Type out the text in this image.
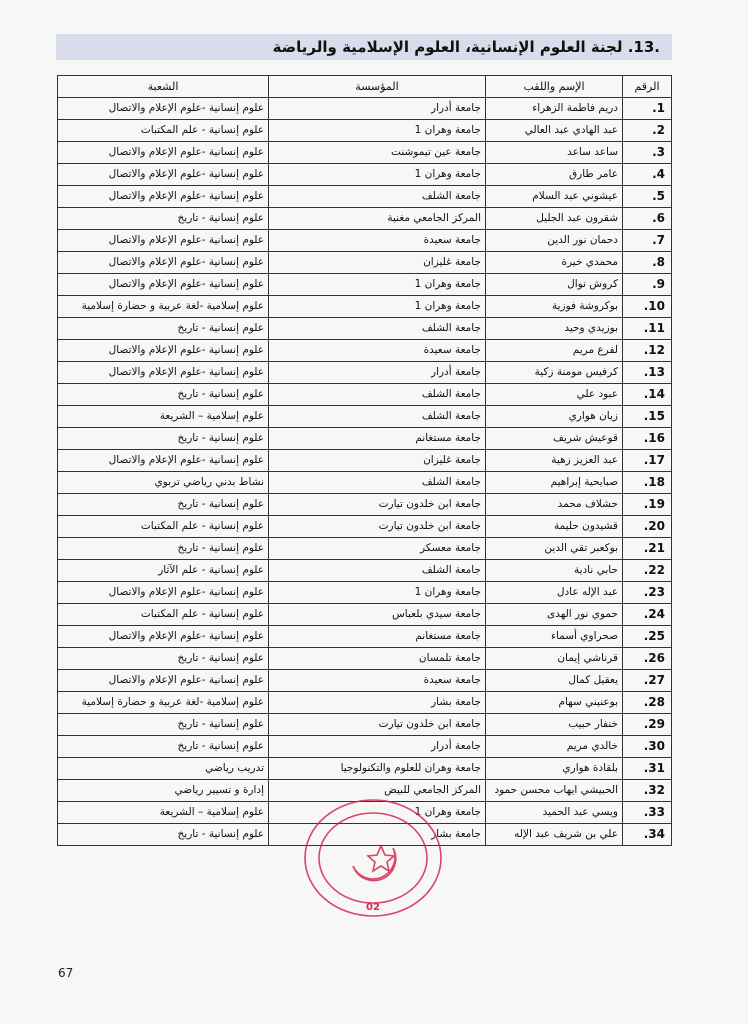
.13. لجنة العلوم الإنسانية، العلوم الإسلامية والرياضة
الرقم	الإسم واللقب	المؤسسة	الشعبة
1.	دريم فاطمة الزهراء	جامعة أدرار	علوم إنسانية -علوم الإعلام والاتصال
2.	عبد الهادي عبد العالي	جامعة وهران 1	علوم إنسانية - علم المكتبات
3.	ساعد ساعد	جامعة عين تيموشنت	علوم إنسانية -علوم الإعلام والاتصال
4.	عامر طارق	جامعة وهران 1	علوم إنسانية -علوم الإعلام والاتصال
5.	عيشوني عبد السلام	جامعة الشلف	علوم إنسانية -علوم الإعلام والاتصال
6.	شقرون عبد الجليل	المركز الجامعي مغنية	علوم إنسانية - تاريخ
7.	دحمان نور الدين	جامعة سعيدة	علوم إنسانية -علوم الإعلام والاتصال
8.	محمدي خيرة	جامعة غليزان	علوم إنسانية -علوم الإعلام والاتصال
9.	كروش نوال	جامعة وهران 1	علوم إنسانية -علوم الإعلام والاتصال
10.	بوكروشة فوزية	جامعة وهران 1	علوم إسلامية -لغة عربية و حضارة إسلامية
11.	بوزيدي وحيد	جامعة الشلف	علوم إنسانية - تاريخ
12.	لفرع مريم	جامعة سعيدة	علوم إنسانية -علوم الإعلام والاتصال
13.	كرفيس مومنة زكية	جامعة أدرار	علوم إنسانية -علوم الإعلام والاتصال
14.	عبود علي	جامعة الشلف	علوم إنسانية - تاريخ
15.	زيان هواري	جامعة الشلف	علوم إسلامية – الشريعة
16.	قوعيش شريف	جامعة مستغانم	علوم إنسانية - تاريخ
17.	عبد العزيز زهية	جامعة غليزان	علوم إنسانية -علوم الإعلام والاتصال
18.	صبايحية إبراهيم	جامعة الشلف	نشاط بدني رياضي تربوي
19.	حشلاف محمد	جامعة ابن خلدون تيارت	علوم إنسانية - تاريخ
20.	قشيدون حليمة	جامعة ابن خلدون تيارت	علوم إنسانية - علم المكتبات
21.	بوكعبر تقي الدين	جامعة معسكر	علوم إنسانية - تاريخ
22.	حابي نادية	جامعة الشلف	علوم إنسانية - علم الآثار
23.	عبد الإله عادل	جامعة وهران 1	علوم إنسانية -علوم الإعلام والاتصال
24.	حموي نور الهدى	جامعة سيدي بلعباس	علوم إنسانية - علم المكتبات
25.	صحراوي أسماء	جامعة مستغانم	علوم إنسانية -علوم الإعلام والاتصال
26.	قرناشي إيمان	جامعة تلمسان	علوم إنسانية - تاريخ
27.	يعقيل كمال	جامعة سعيدة	علوم إنسانية -علوم الإعلام والاتصال
28.	بوعنيني سهام	جامعة بشار	علوم إسلامية -لغة عربية و حضارة إسلامية
29.	خنفار حبيب	جامعة ابن خلدون تيارت	علوم إنسانية - تاريخ
30.	خالدي مريم	جامعة أدرار	علوم إنسانية - تاريخ
31.	بلقادة هواري	جامعة وهران للعلوم والتكنولوجيا	تدريب رياضي
32.	الحبيشي ايهاب محسن حمود	المركز الجامعي للبيض	إدارة و تسيير رياضي
33.	ويسي عبد الحميد	جامعة وهران 1	علوم إسلامية – الشريعة
34.	علي بن شريف عبد الإله	جامعة بشار	علوم إنسانية - تاريخ
02
67
